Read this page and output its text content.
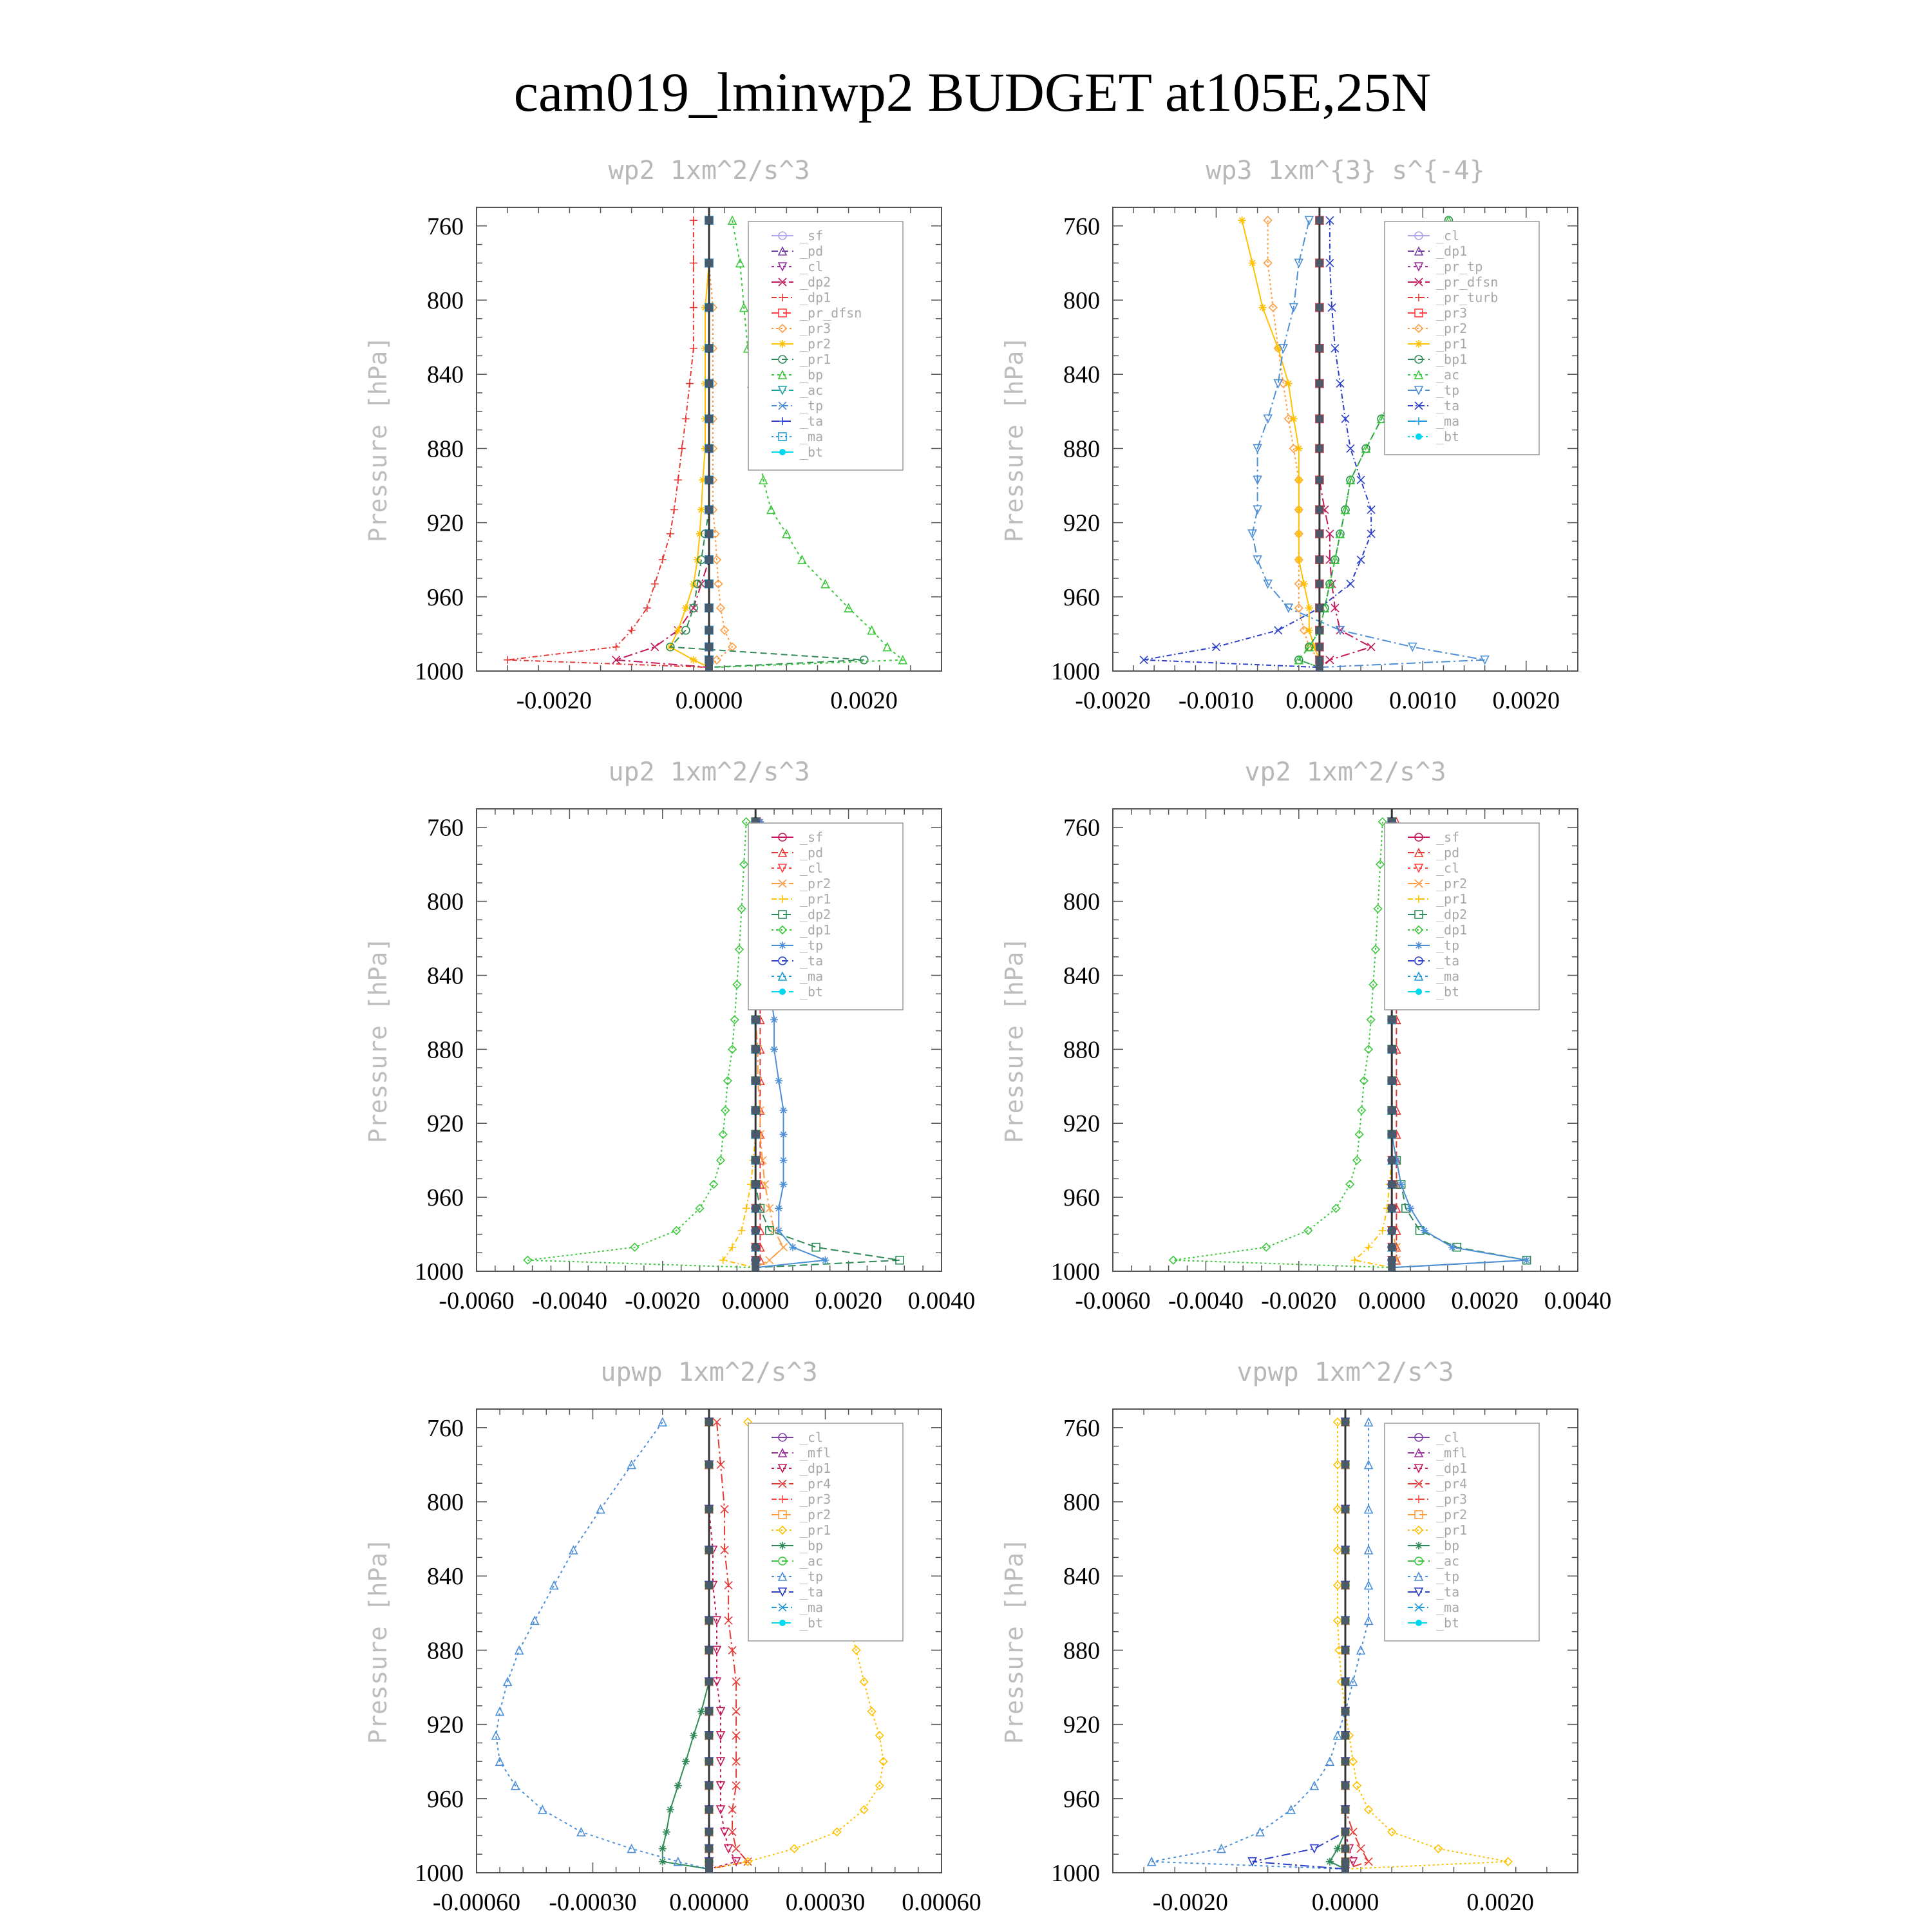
cam019_lminwp2 BUDGET at105E,25N
wp2 1xm^2/s^3
Pressure [hPa]
760
800
840
880
920
960
1000
-0.0020	0.0000	0.0020
_sf
_pd
_cl
_dp2
_dp1
_pr_dfsn
_pr3
_pr2
_pr1
_bp
_ac
_tp
_ta
_ma
_bt
wp3 1xm^{3} s^{-4}
Pressure [hPa]
760
800
840
880
920
960
1000
-0.0020 -0.0010 0.0000 0.0010 0.0020
_cl
_dp1
_pr_tp
_pr_dfsn
_pr_turb
_pr3
_pr2
_pr1
_bp1
_ac
_tp
_ta
_ma
_bt
up2 1xm^2/s^3
Pressure [hPa]
760
800
840
880
920
960
1000
-0.0060 -0.0040 -0.0020 0.0000 0.0020 0.0040
_sf
_pd
_cl
_pr2
_pr1
_dp2
_dp1
_tp
_ta
_ma
_bt
vp2 1xm^2/s^3
Pressure [hPa]
760
800
840
880
920
960
1000
-0.0060 -0.0040 -0.0020 0.0000 0.0020 0.0040
_sf
_pd
_cl
_pr2
_pr1
_dp2
_dp1
_tp
_ta
_ma
_bt
upwp 1xm^2/s^3
Pressure [hPa]
760
800
840
880
920
960
1000
-0.00060 -0.00030 0.00000 0.00030 0.00060
_cl
_mfl
_dp1
_pr4
_pr3
_pr2
_pr1
_bp
_ac
_tp
_ta
_ma
_bt
vpwp 1xm^2/s^3
Pressure [hPa]
760
800
840
880
920
960
1000
-0.0020	0.0000	0.0020
_cl
_mfl
_dp1
_pr4
_pr3
_pr2
_pr1
_bp
_ac
_tp
_ta
_ma
_bt
